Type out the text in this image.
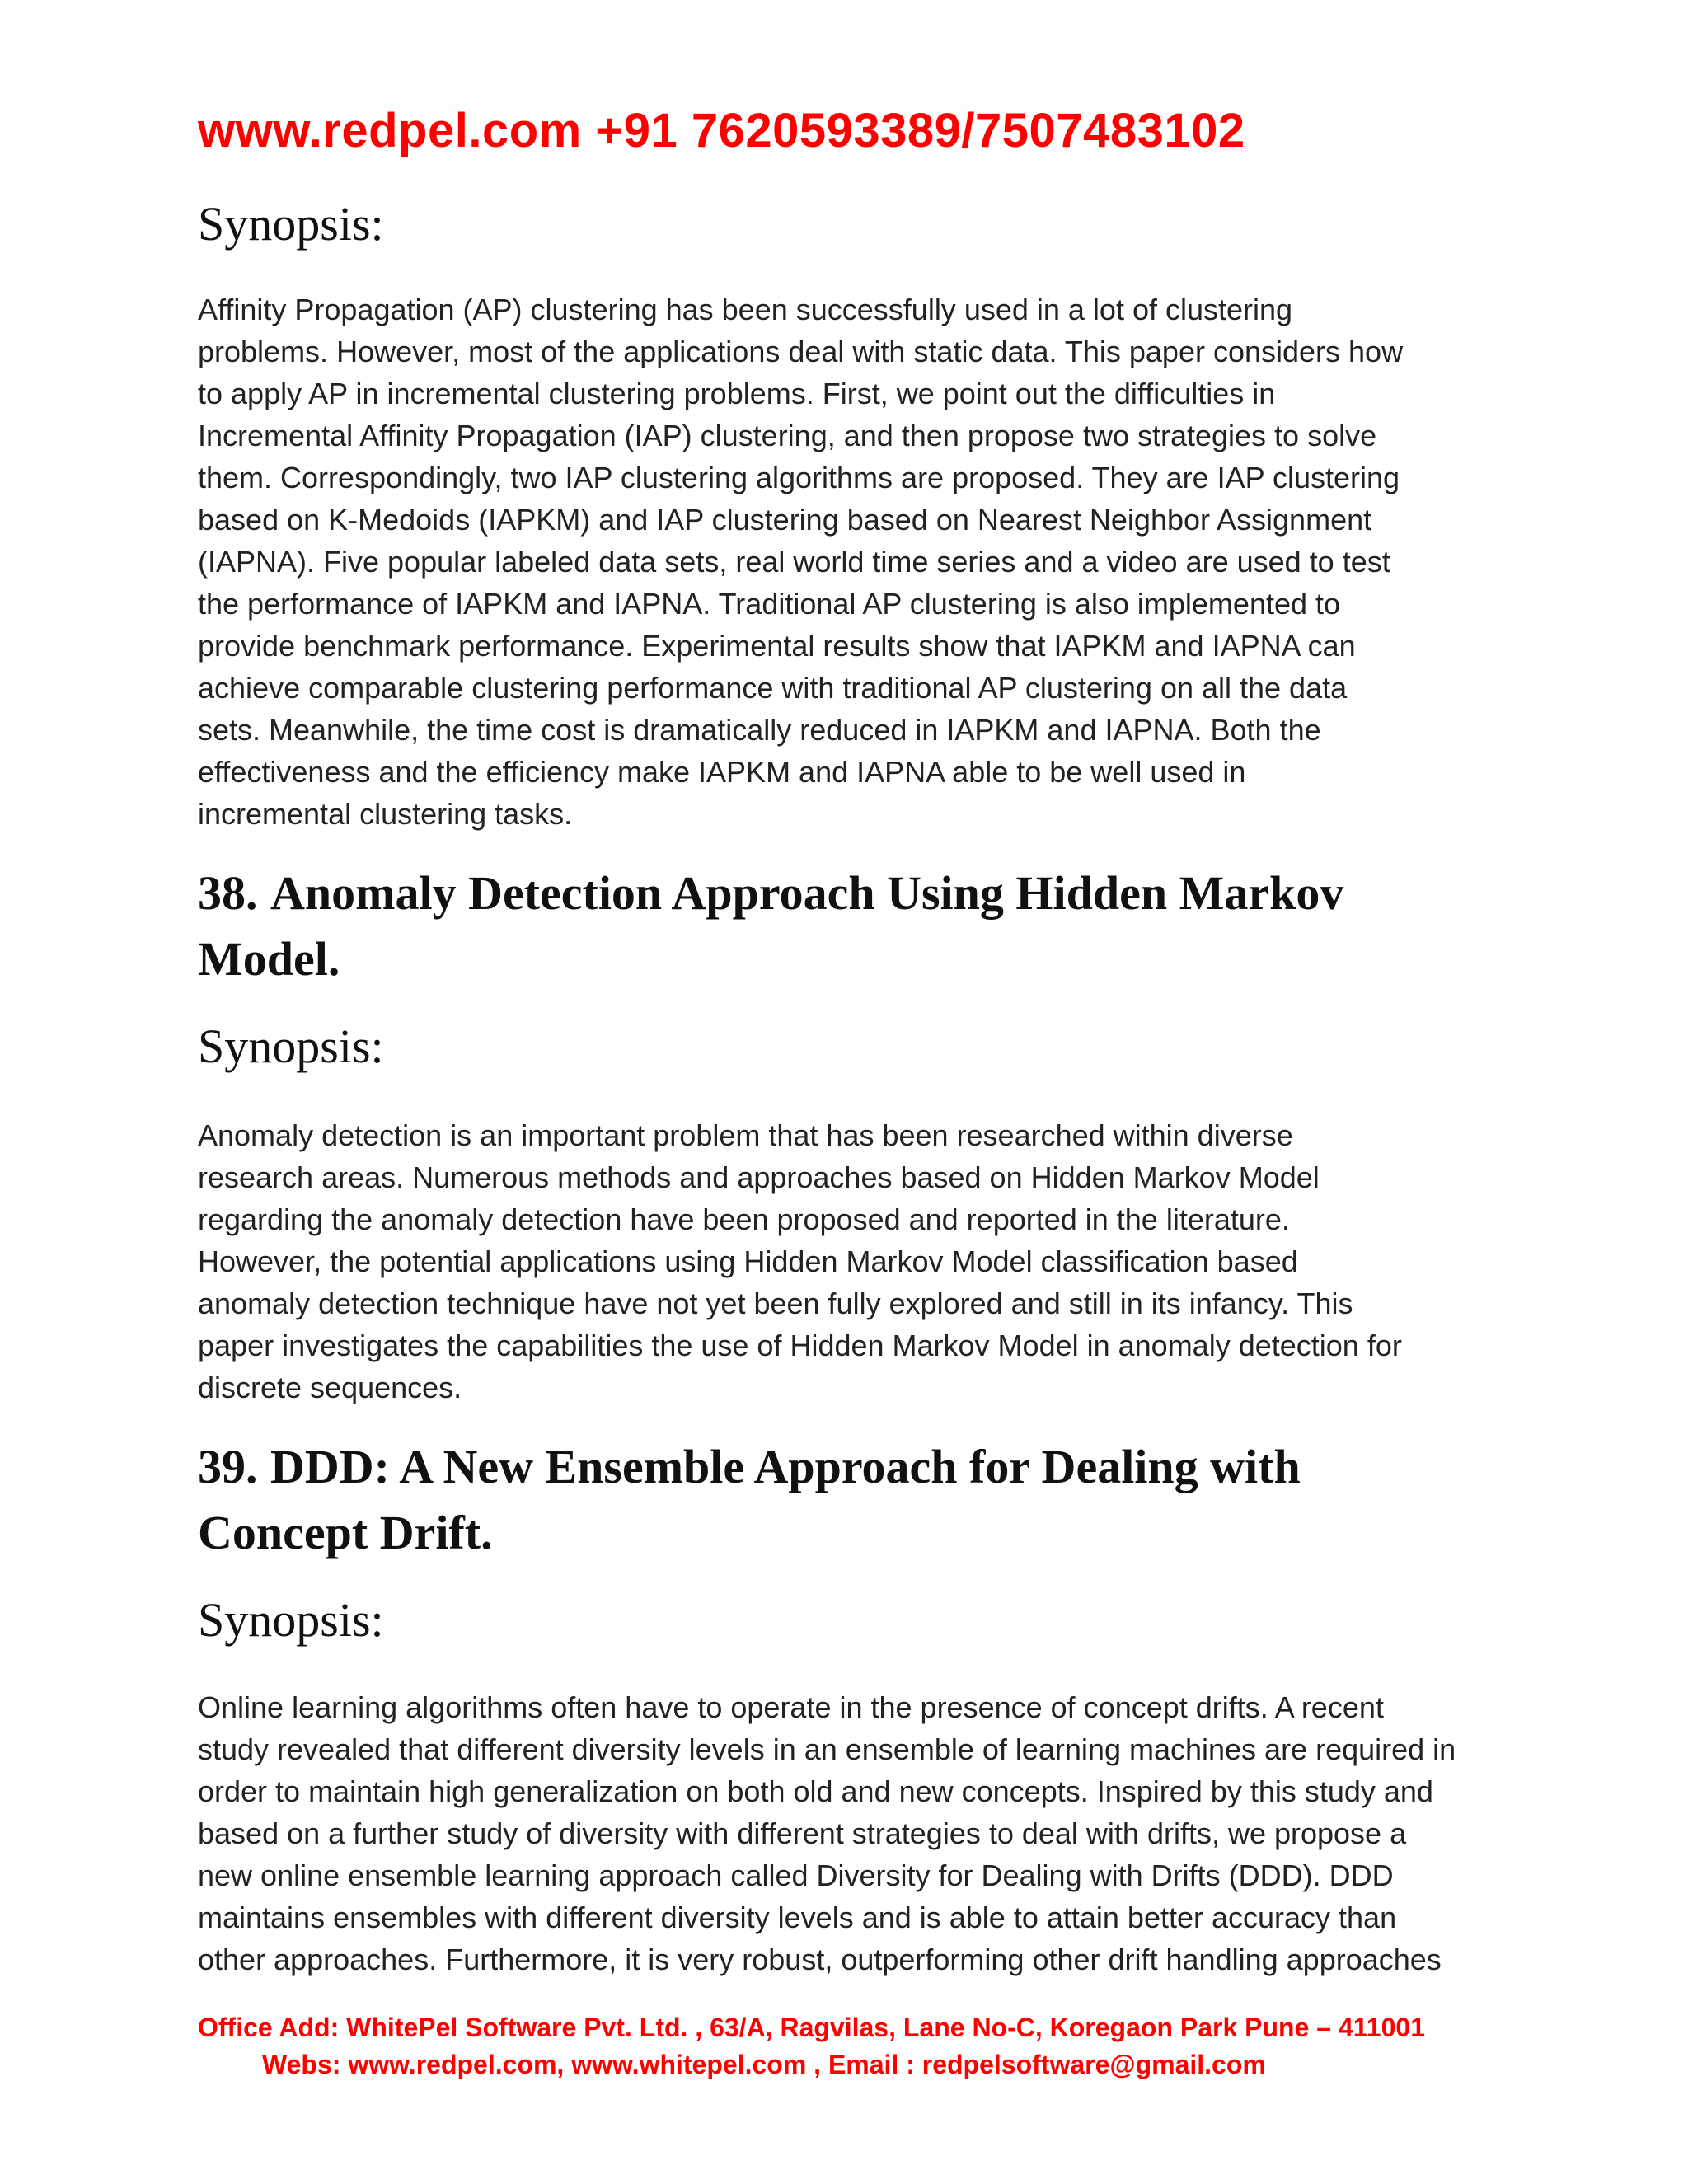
www.redpel.com +91 7620593389/7507483102
Synopsis:

Affinity Propagation (AP) clustering has been successfully used in a lot of clustering
problems. However, most of the applications deal with static data. This paper considers how
to apply AP in incremental clustering problems. First, we point out the difficulties in
Incremental Affinity Propagation (IAP) clustering, and then propose two strategies to solve
them. Correspondingly, two IAP clustering algorithms are proposed. They are IAP clustering
based on K-Medoids (IAPKM) and IAP clustering based on Nearest Neighbor Assignment
(IAPNA). Five popular labeled data sets, real world time series and a video are used to test
the performance of IAPKM and IAPNA. Traditional AP clustering is also implemented to
provide benchmark performance. Experimental results show that IAPKM and IAPNA can
achieve comparable clustering performance with traditional AP clustering on all the data
sets. Meanwhile, the time cost is dramatically reduced in IAPKM and IAPNA. Both the
effectiveness and the efficiency make IAPKM and IAPNA able to be well used in
incremental clustering tasks.

38. Anomaly Detection Approach Using Hidden Markov
Model.
Synopsis:

Anomaly detection is an important problem that has been researched within diverse
research areas. Numerous methods and approaches based on Hidden Markov Model
regarding the anomaly detection have been proposed and reported in the literature.
However, the potential applications using Hidden Markov Model classification based
anomaly detection technique have not yet been fully explored and still in its infancy. This
paper investigates the capabilities the use of Hidden Markov Model in anomaly detection for
discrete sequences.

39. DDD: A New Ensemble Approach for Dealing with
Concept Drift.
Synopsis:

Online learning algorithms often have to operate in the presence of concept drifts. A recent
study revealed that different diversity levels in an ensemble of learning machines are required in
order to maintain high generalization on both old and new concepts. Inspired by this study and
based on a further study of diversity with different strategies to deal with drifts, we propose a
new online ensemble learning approach called Diversity for Dealing with Drifts (DDD). DDD
maintains ensembles with different diversity levels and is able to attain better accuracy than
other approaches. Furthermore, it is very robust, outperforming other drift handling approaches

Office Add: WhitePel Software Pvt. Ltd. , 63/A, Ragvilas, Lane No-C, Koregaon Park Pune – 411001
Webs: www.redpel.com, www.whitepel.com , Email : redpelsoftware@gmail.com
